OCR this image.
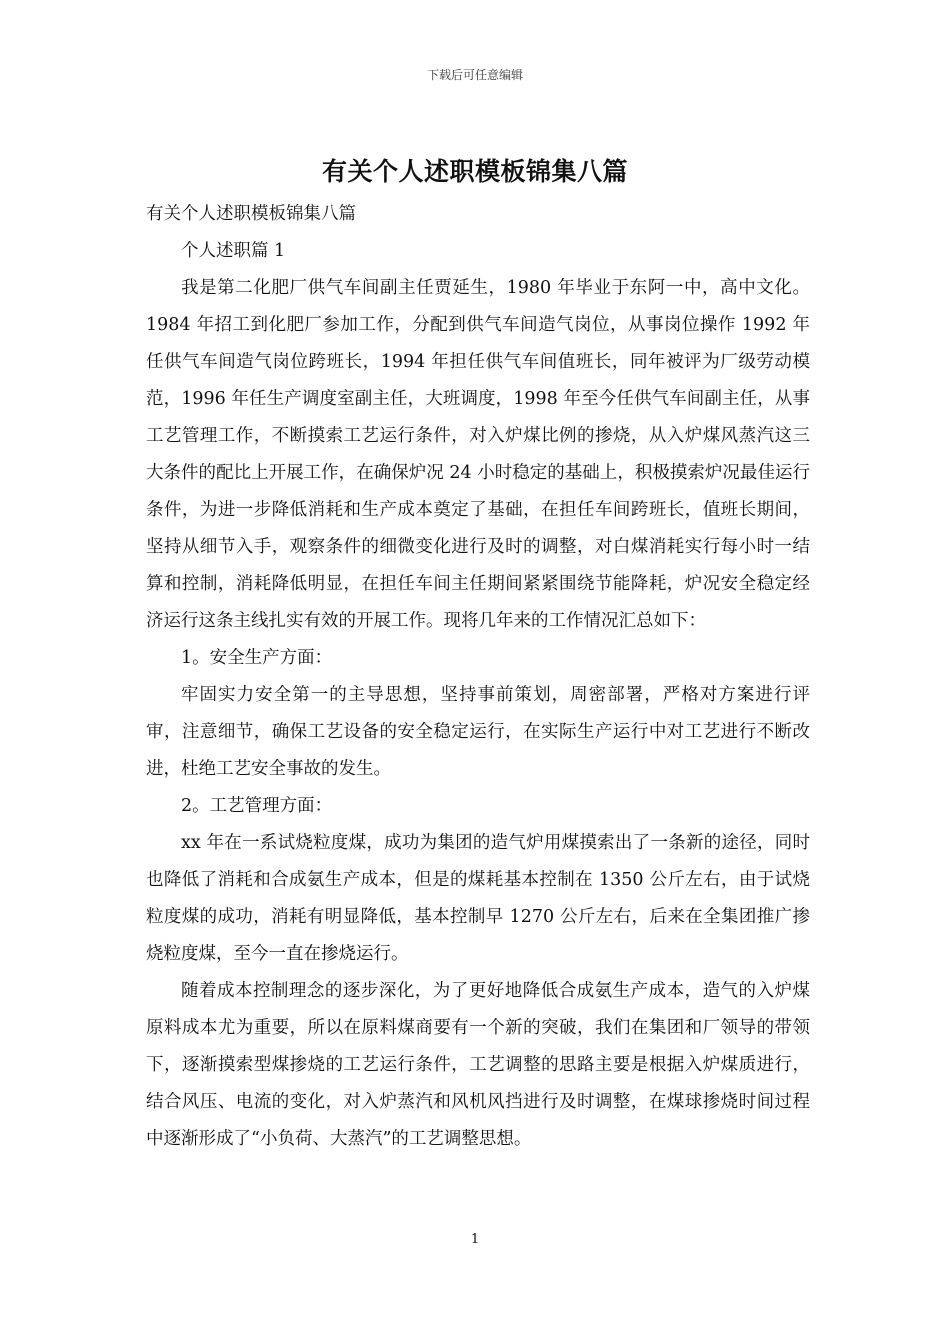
下载后可任意编辑
有关个人述职模板锦集八篇

有关个人述职模板锦集八篇

个人述职篇 1

我是第二化肥厂供气车间副主任贾延生，1980 年毕业于东阿一中，高中文化。1984 年招工到化肥厂参加工作，分配到供气车间造气岗位，从事岗位操作 1992 年任供气车间造气岗位跨班长，1994 年担任供气车间值班长，同年被评为厂级劳动模范，1996 年任生产调度室副主任，大班调度，1998 年至今任供气车间副主任，从事工艺管理工作，不断摸索工艺运行条件，对入炉煤比例的掺烧，从入炉煤风蒸汽这三大条件的配比上开展工作，在确保炉况 24 小时稳定的基础上，积极摸索炉况最佳运行条件，为进一步降低消耗和生产成本奠定了基础，在担任车间跨班长，值班长期间，坚持从细节入手，观察条件的细微变化进行及时的调整，对白煤消耗实行每小时一结算和控制，消耗降低明显，在担任车间主任期间紧紧围绕节能降耗，炉况安全稳定经济运行这条主线扎实有效的开展工作。现将几年来的工作情况汇总如下：

1。安全生产方面：

牢固实力安全第一的主导思想，坚持事前策划，周密部署，严格对方案进行评审，注意细节，确保工艺设备的安全稳定运行，在实际生产运行中对工艺进行不断改进，杜绝工艺安全事故的发生。

2。工艺管理方面：

xx 年在一系试烧粒度煤，成功为集团的造气炉用煤摸索出了一条新的途径，同时也降低了消耗和合成氨生产成本，但是的煤耗基本控制在 1350 公斤左右，由于试烧粒度煤的成功，消耗有明显降低，基本控制早 1270 公斤左右，后来在全集团推广掺烧粒度煤，至今一直在掺烧运行。

随着成本控制理念的逐步深化，为了更好地降低合成氨生产成本，造气的入炉煤原料成本尤为重要，所以在原料煤商要有一个新的突破，我们在集团和厂领导的带领下，逐渐摸索型煤掺烧的工艺运行条件，工艺调整的思路主要是根据入炉煤质进行，结合风压、电流的变化，对入炉蒸汽和风机风挡进行及时调整，在煤球掺烧时间过程中逐渐形成了“小负荷、大蒸汽”的工艺调整思想。

1
